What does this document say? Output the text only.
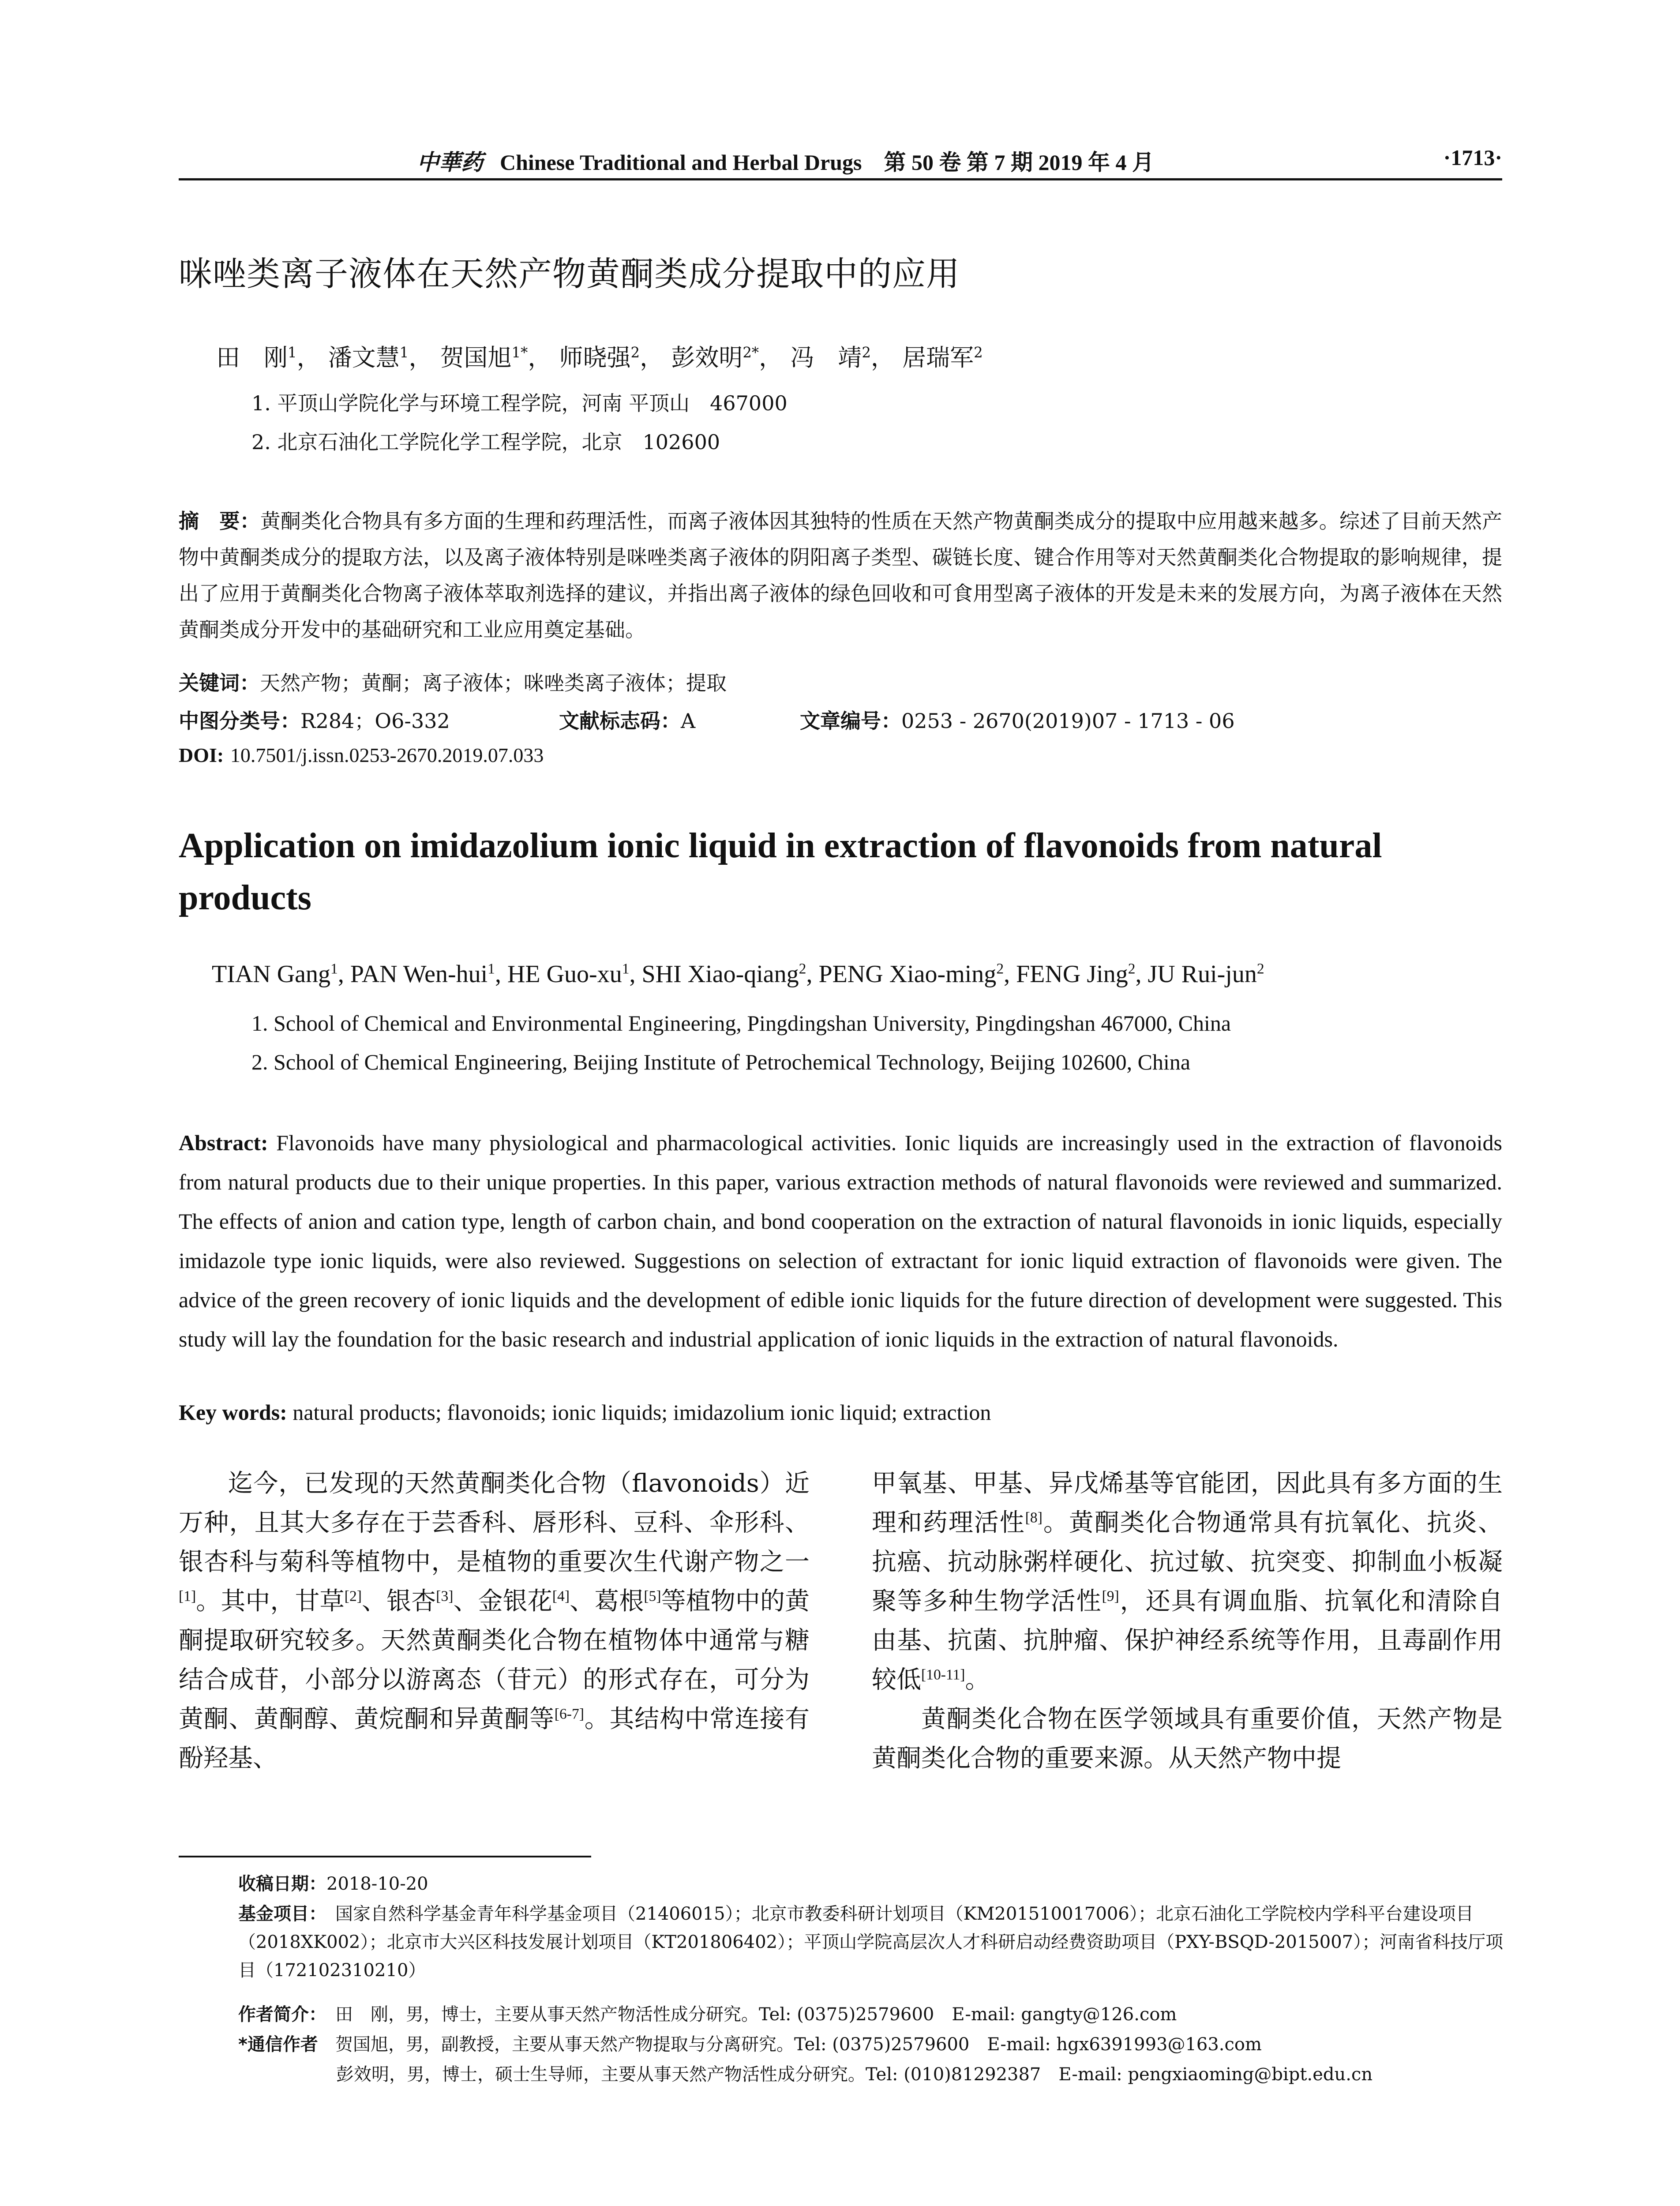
中華药 Chinese Traditional and Herbal Drugs　 第 50 卷 第 7 期 2019 年 4 月	·1713·
咪唑类离子液体在天然产物黄酮类成分提取中的应用
田　刚$^1$， 潘文慧$^1$， 贺国旭$^{1*}$， 师晓强$^2$， 彭效明$^{2*}$， 冯　靖$^2$， 居瑞军$^2$
1. 平顶山学院化学与环境工程学院，河南 平顶山　467000
2. 北京石油化工学院化学工程学院，北京　102600
摘　要：黄酮类化合物具有多方面的生理和药理活性，而离子液体因其独特的性质在天然产物黄酮类成分的提取中应用越来越多。综述了目前天然产物中黄酮类成分的提取方法，以及离子液体特别是咪唑类离子液体的阴阳离子类型、碳链长度、键合作用等对天然黄酮类化合物提取的影响规律，提出了应用于黄酮类化合物离子液体萃取剂选择的建议，并指出离子液体的绿色回收和可食用型离子液体的开发是未来的发展方向，为离子液体在天然黄酮类成分开发中的基础研究和工业应用奠定基础。
关键词：天然产物；黄酮；离子液体；咪唑类离子液体；提取
中图分类号：R284；O6-332	文献标志码：A	文章编号：0253 - 2670(2019)07 - 1713 - 06
DOI: 10.7501/j.issn.0253-2670.2019.07.033
Application on imidazolium ionic liquid in extraction of flavonoids from natural products
TIAN Gang$^1$, PAN Wen-hui$^1$, HE Guo-$xu^1$, SHI Xiao-qiang$^2$, PENG Xiao-ming$^2$, FENG Jing$^2$, JU Rui-jun$^2$
1. School of Chemical and Environmental Engineering, Pingdingshan University, Pingdingshan 467000, China
2. School of Chemical Engineering, Beijing Institute of Petrochemical Technology, Beijing 102600, China
Abstract: Flavonoids have many physiological and pharmacological activities. Ionic liquids are increasingly used in the extraction of flavonoids from natural products due to their unique properties. In this paper, various extraction methods of natural flavonoids were reviewed and summarized. The effects of anion and cation type, length of carbon chain, and bond cooperation on the extraction of natural flavonoids in ionic liquids, especially imidazole type ionic liquids, were also reviewed. Suggestions on selection of extractant for ionic liquid extraction of flavonoids were given. The advice of the green recovery of ionic liquids and the development of edible ionic liquids for the future direction of development were suggested. This study will lay the foundation for the basic research and industrial application of ionic liquids in the extraction of natural flavonoids.
Key words: natural products; flavonoids; ionic liquids; imidazolium ionic liquid; extraction

迄今，已发现的天然黄酮类化合物（flavonoids）近万种，且其大多存在于芸香科、唇形科、豆科、伞形科、银杏科与菊科等植物中，是植物的重要次生代谢产物之一[1]。其中，甘草[2]、银杏[3]、金银花[4]、葛根[5]等植物中的黄酮提取研究较多。天然黄酮类化合物在植物体中通常与糖结合成苷，小部分以游离态（苷元）的形式存在，可分为黄酮、黄酮醇、黄烷酮和异黄酮等[6-7]。其结构中常连接有酚羟基、

甲氧基、甲基、异戊烯基等官能团，因此具有多方面的生理和药理活性[8]。黄酮类化合物通常具有抗氧化、抗炎、抗癌、抗动脉粥样硬化、抗过敏、抗突变、抑制血小板凝聚等多种生物学活性[9]，还具有调血脂、抗氧化和清除自由基、抗菌、抗肿瘤、保护神经系统等作用，且毒副作用较低[10-11]。

黄酮类化合物在医学领域具有重要价值，天然产物是黄酮类化合物的重要来源。从天然产物中提

收稿日期：2018-10-20
基金项目： 国家自然科学基金青年科学基金项目（21406015）；北京市教委科研计划项目（KM201510017006）；北京石油化工学院校内学科平台建设项目（2018XK002）；北京市大兴区科技发展计划项目（KT201806402）；平顶山学院高层次人才科研启动经费资助项目（PXY-BSQD-2015007）；河南省科技厅项目（172102310210）
作者简介： 田　刚，男，博士，主要从事天然产物活性成分研究。Tel: (0375)2579600　E-mail: gangty@126.com
*通信作者 贺国旭，男，副教授，主要从事天然产物提取与分离研究。Tel: (0375)2579600　E-mail: hgx6391993@163.com
彭效明，男，博士，硕士生导师，主要从事天然产物活性成分研究。Tel: (010)81292387　E-mail: pengxiaoming@bipt.edu.cn
